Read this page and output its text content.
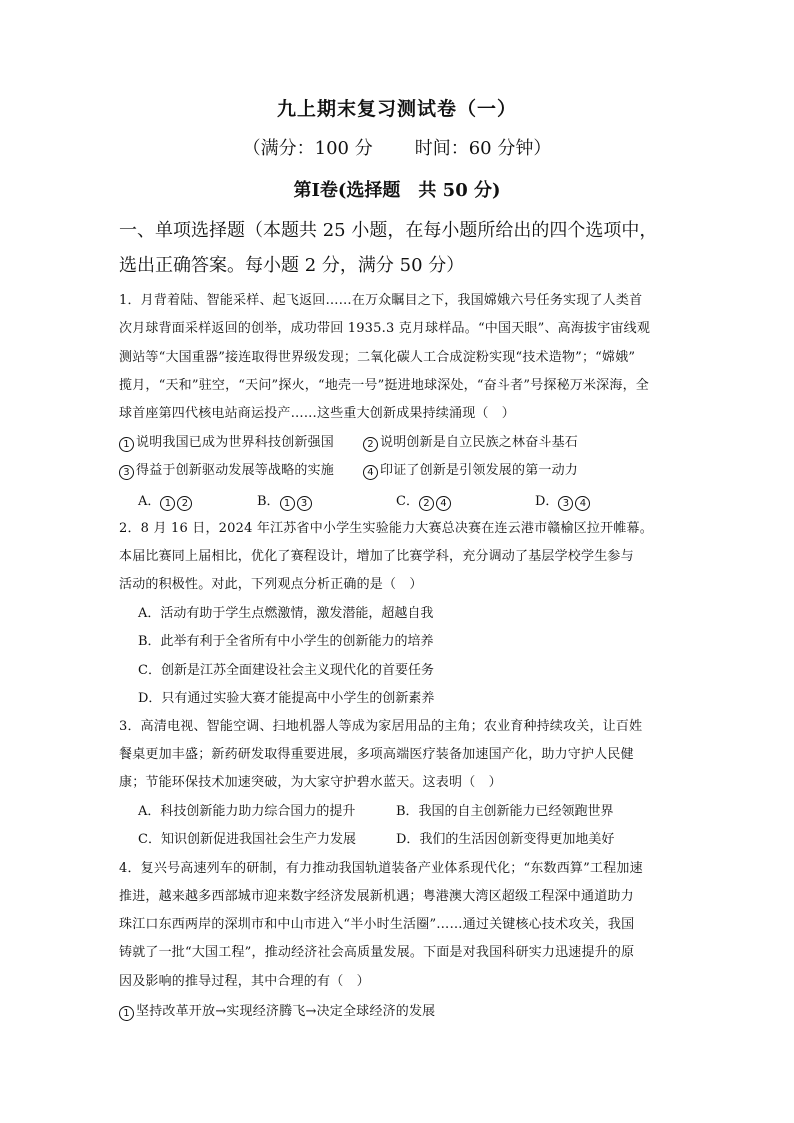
九上期末复习测试卷（一）
（满分：100 分 时间：60 分钟）
第Ⅰ卷(选择题　共 50 分)
一、单项选择题（本题共 25 小题，在每小题所给出的四个选项中，
选出正确答案。每小题 2 分，满分 50 分）
1．月背着陆、智能采样、起飞返回……在万众瞩目之下，我国嫦娥六号任务实现了人类首
次月球背面采样返回的创举，成功带回 1935.3 克月球样品。“中国天眼”、高海拔宇宙线观
测站等“大国重器”接连取得世界级发现；二氧化碳人工合成淀粉实现“技术造物”；“嫦娥”
揽月，“天和”驻空，“天问”探火，“地壳一号”挺进地球深处，“奋斗者”号探秘万米深海，全
球首座第四代核电站商运投产……这些重大创新成果持续涌现（　）
1 说明我国已成为世界科技创新强国	2 说明创新是自立民族之林奋斗基石
3 得益于创新驱动发展等战略的实施	4 印证了创新是引领发展的第一动力
A． 1 2	B． 1 3	C． 2 4	D． 3 4
2．8 月 16 日，2024 年江苏省中小学生实验能力大赛总决赛在连云港市赣榆区拉开帷幕。
本届比赛同上届相比，优化了赛程设计，增加了比赛学科，充分调动了基层学校学生参与
活动的积极性。对此，下列观点分析正确的是（　）
A．活动有助于学生点燃激情，激发潜能，超越自我
B．此举有利于全省所有中小学生的创新能力的培养
C．创新是江苏全面建设社会主义现代化的首要任务
D．只有通过实验大赛才能提高中小学生的创新素养
3．高清电视、智能空调、扫地机器人等成为家居用品的主角；农业育种持续攻关，让百姓
餐桌更加丰盛；新药研发取得重要进展，多项高端医疗装备加速国产化，助力守护人民健
康；节能环保技术加速突破，为大家守护碧水蓝天。这表明（　）
A．科技创新能力助力综合国力的提升	B．我国的自主创新能力已经领跑世界
C．知识创新促进我国社会生产力发展	D．我们的生活因创新变得更加地美好
4．复兴号高速列车的研制，有力推动我国轨道装备产业体系现代化；“东数西算”工程加速
推进，越来越多西部城市迎来数字经济发展新机遇；粤港澳大湾区超级工程深中通道助力
珠江口东西两岸的深圳市和中山市进入“半小时生活圈”……通过关键核心技术攻关，我国
铸就了一批“大国工程”，推动经济社会高质量发展。下面是对我国科研实力迅速提升的原
因及影响的推导过程，其中合理的有（　）
1 坚持改革开放→实现经济腾飞→决定全球经济的发展
